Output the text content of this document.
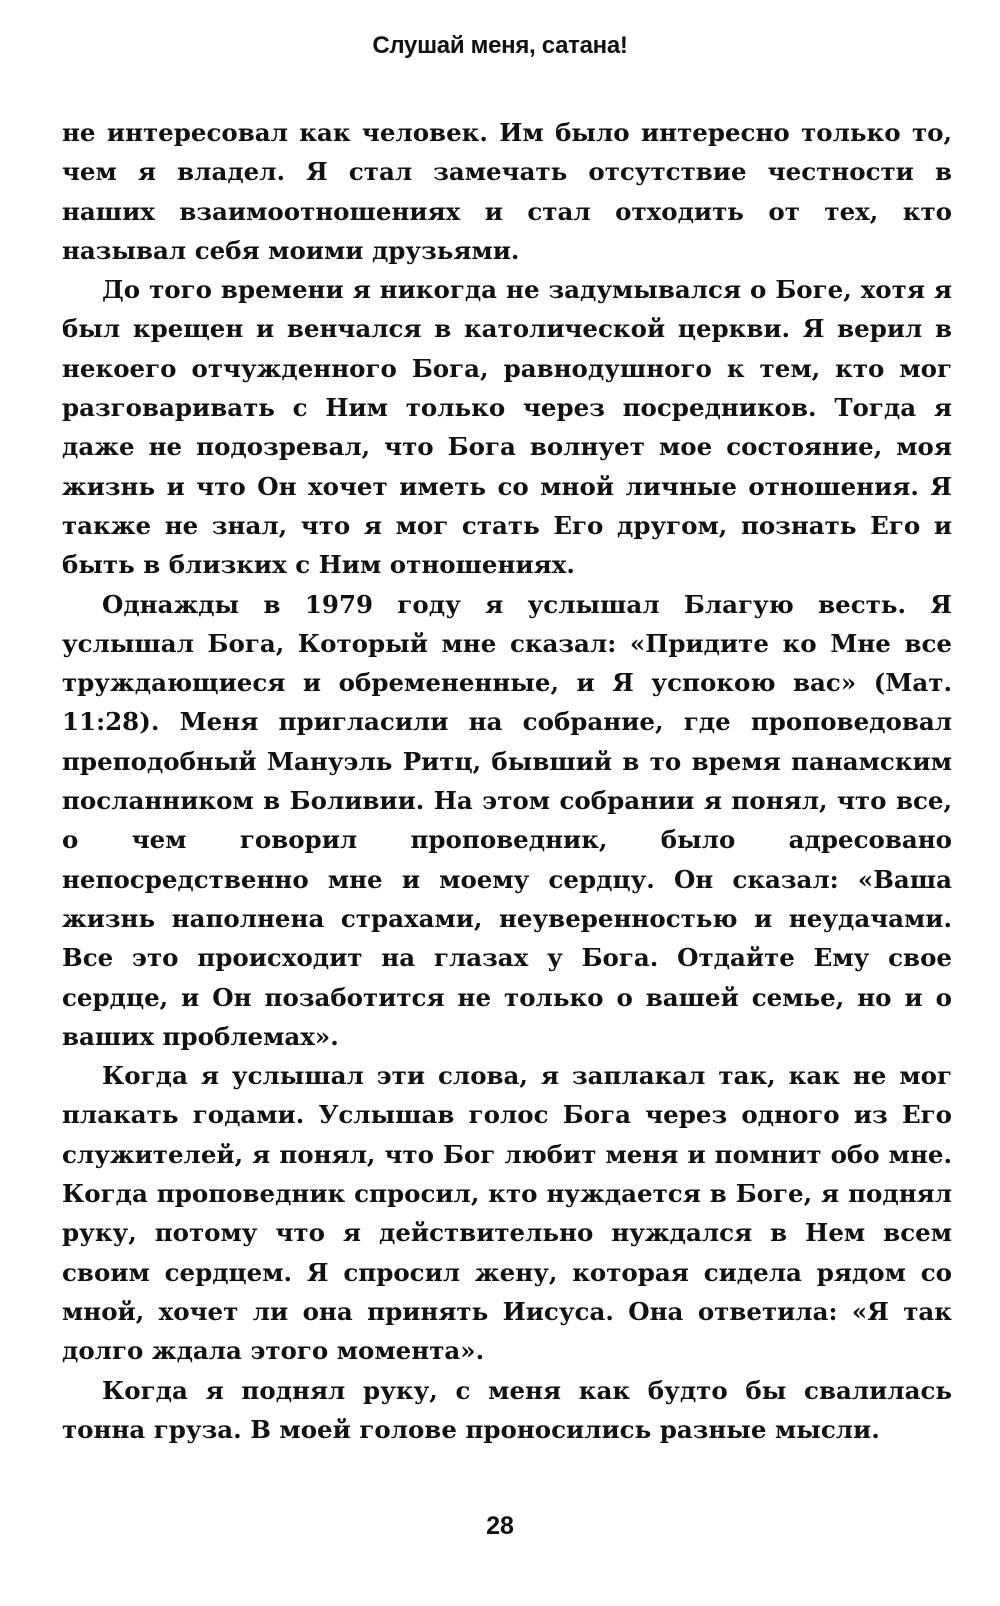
Слушай меня, сатана!

не интересовал как человек. Им было интересно только то, чем я владел. Я стал замечать отсутствие честности в наших взаимоотношениях и стал отходить от тех, кто называл себя моими друзьями.

До того времени я никогда не задумывался о Боге, хотя я был крещен и венчался в католической церкви. Я верил в некоего отчужденного Бога, равнодушного к тем, кто мог разговаривать с Ним только через посредников. Тогда я даже не подозревал, что Бога волнует мое состояние, моя жизнь и что Он хочет иметь со мной личные отношения. Я также не знал, что я мог стать Его другом, познать Его и быть в близких с Ним отношениях.

Однажды в 1979 году я услышал Благую весть. Я услышал Бога, Который мне сказал: «Придите ко Мне все труждающиеся и обремененные, и Я успокою вас» (Мат. 11:28). Меня пригласили на собрание, где проповедовал преподобный Мануэль Ритц, бывший в то время панамским посланником в Боливии. На этом собрании я понял, что все, о чем говорил проповедник, было адресовано непосредственно мне и моему сердцу. Он сказал: «Ваша жизнь наполнена страхами, неуверенностью и неудачами. Все это происходит на глазах у Бога. Отдайте Ему свое сердце, и Он позаботится не только о вашей семье, но и о ваших проблемах».

Когда я услышал эти слова, я заплакал так, как не мог плакать годами. Услышав голос Бога через одного из Его служителей, я понял, что Бог любит меня и помнит обо мне. Когда проповедник спросил, кто нуждается в Боге, я поднял руку, потому что я действительно нуждался в Нем всем своим сердцем. Я спросил жену, которая сидела рядом со мной, хочет ли она принять Иисуса. Она ответила: «Я так долго ждала этого момента».

Когда я поднял руку, с меня как будто бы свалилась тонна груза. В моей голове проносились разные мысли.

28
